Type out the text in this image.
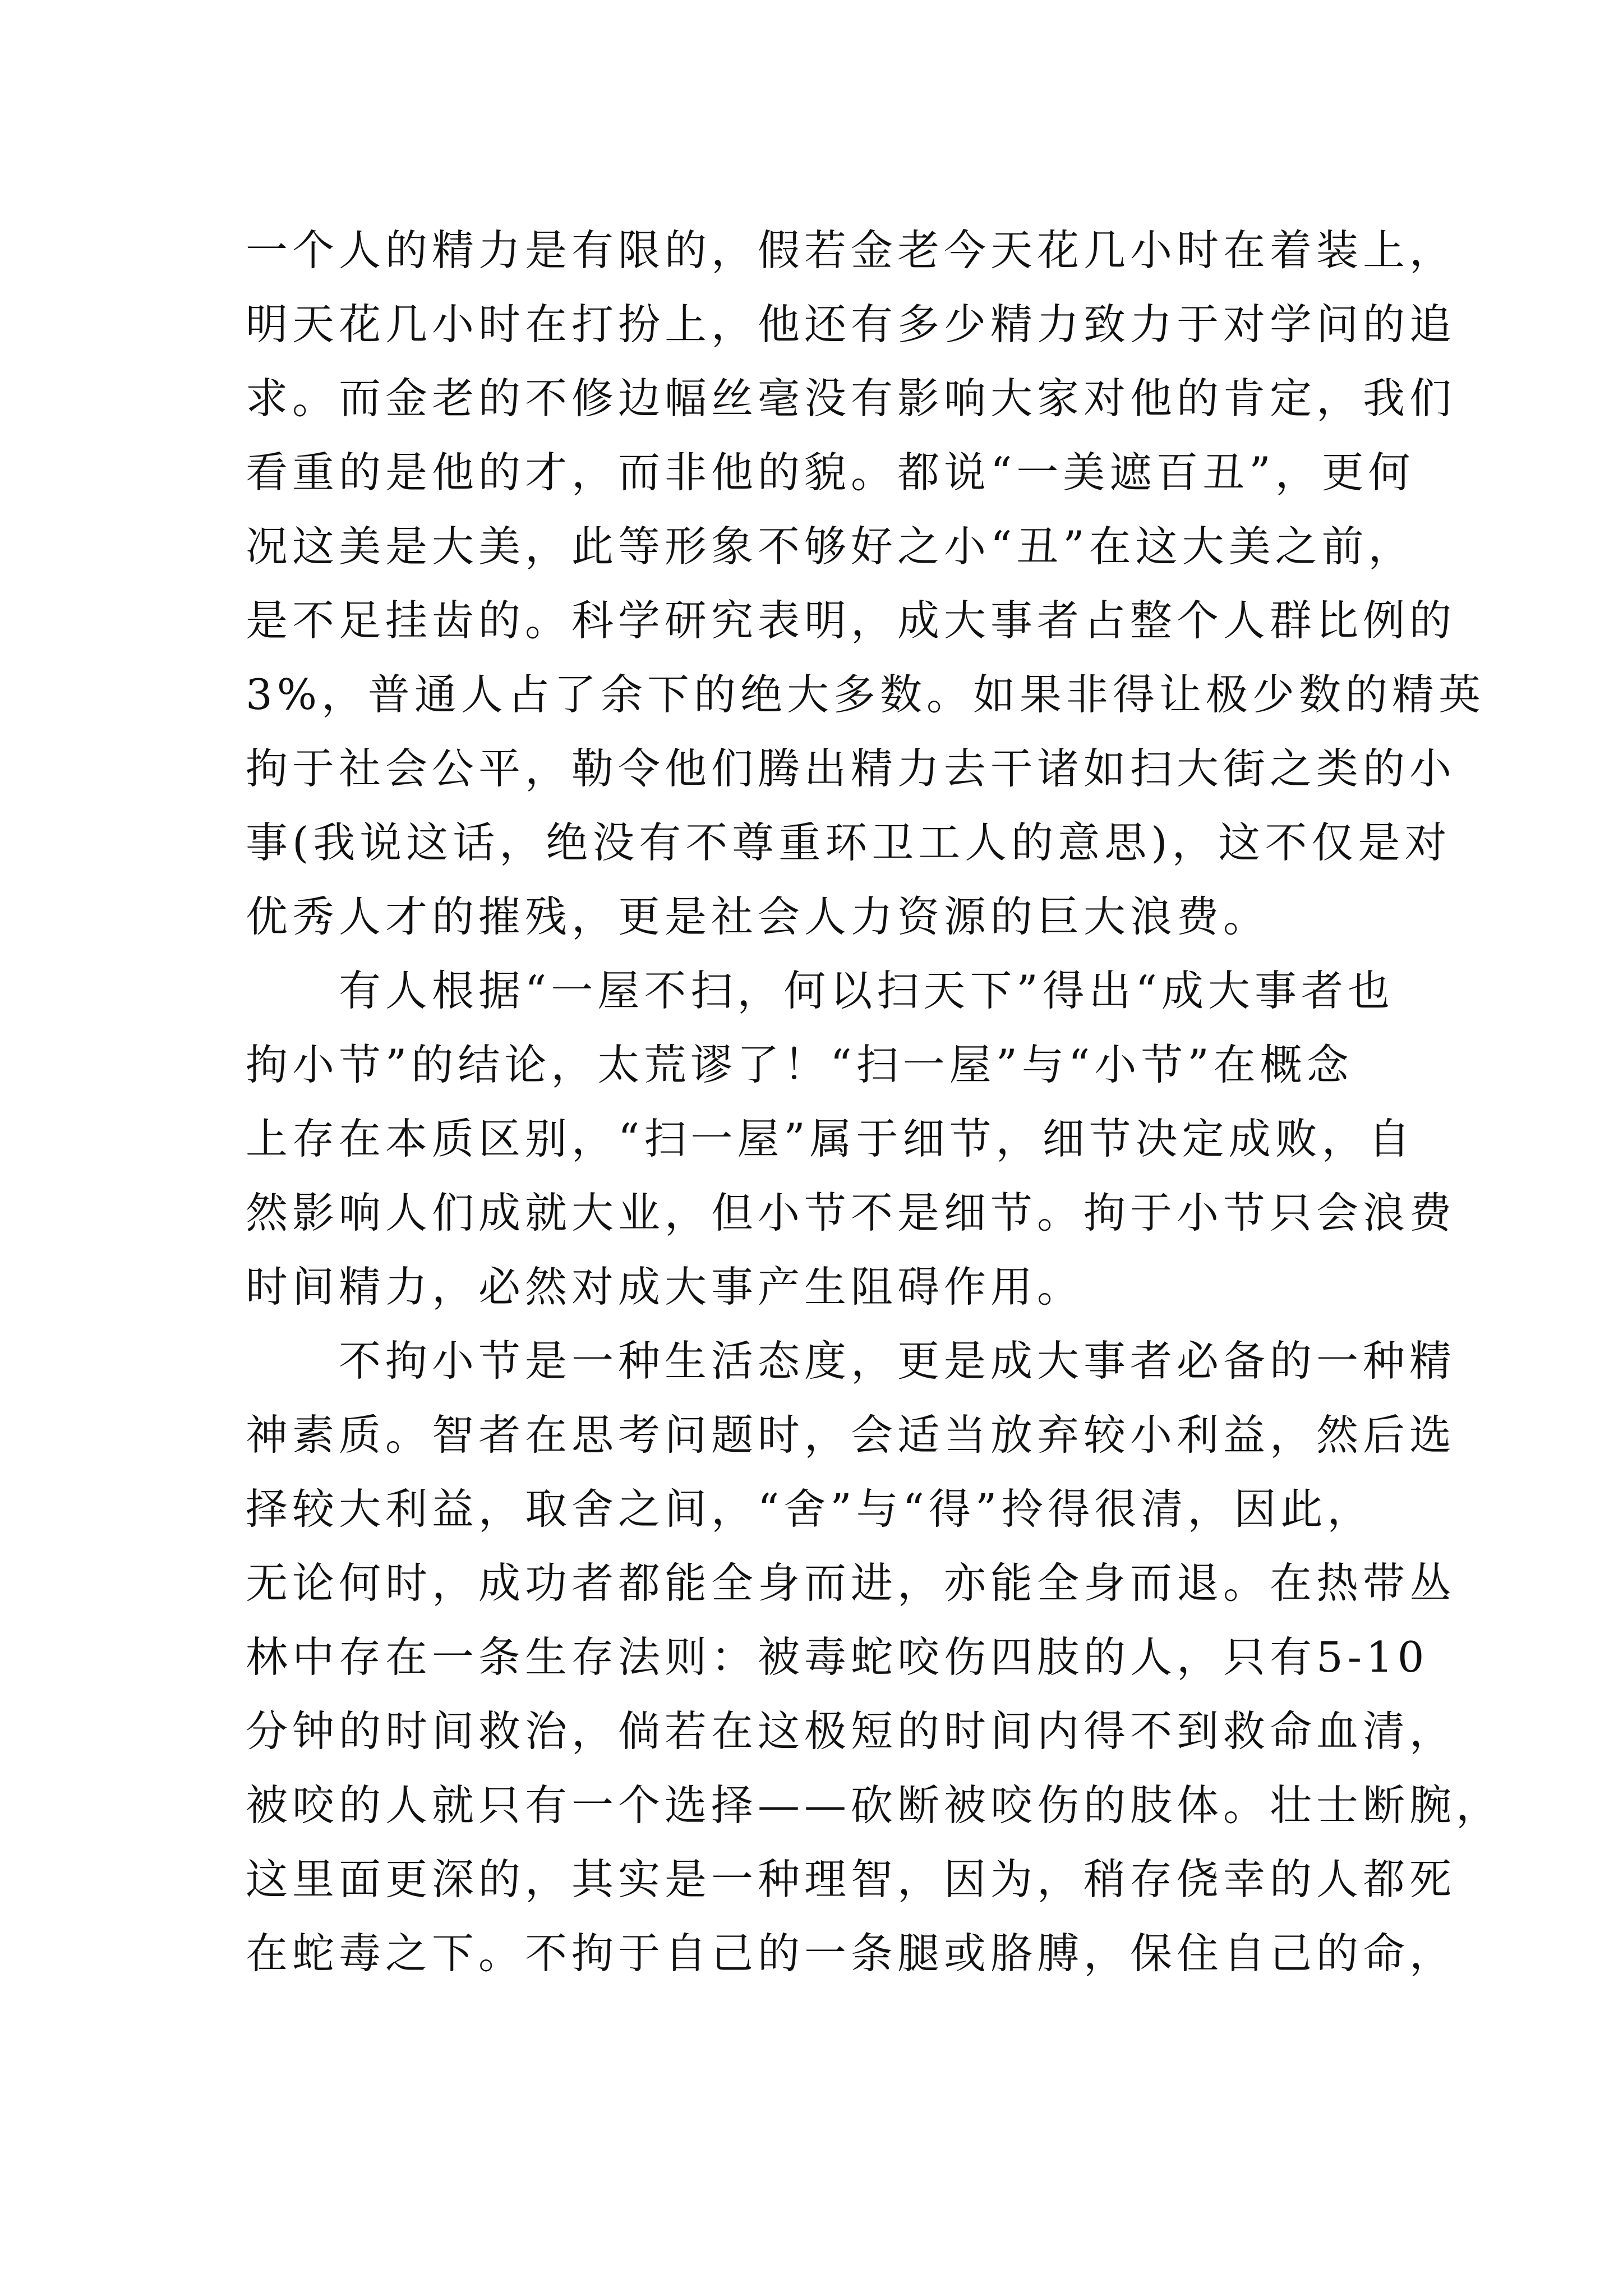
一个人的精力是有限的，假若金老今天花几小时在着装上，
明天花几小时在打扮上，他还有多少精力致力于对学问的追
求。而金老的不修边幅丝毫没有影响大家对他的肯定，我们
看重的是他的才，而非他的貌。都说“一美遮百丑”，更何
况这美是大美，此等形象不够好之小“丑”在这大美之前，
是不足挂齿的。科学研究表明，成大事者占整个人群比例的
3%，普通人占了余下的绝大多数。如果非得让极少数的精英
拘于社会公平，勒令他们腾出精力去干诸如扫大街之类的小
事(我说这话，绝没有不尊重环卫工人的意思)，这不仅是对
优秀人才的摧残，更是社会人力资源的巨大浪费。
有人根据“一屋不扫，何以扫天下”得出“成大事者也
拘小节”的结论，太荒谬了！“扫一屋”与“小节”在概念
上存在本质区别，“扫一屋”属于细节，细节决定成败，自
然影响人们成就大业，但小节不是细节。拘于小节只会浪费
时间精力，必然对成大事产生阻碍作用。
不拘小节是一种生活态度，更是成大事者必备的一种精
神素质。智者在思考问题时，会适当放弃较小利益，然后选
择较大利益，取舍之间，“舍”与“得”拎得很清，因此，
无论何时，成功者都能全身而进，亦能全身而退。在热带丛
林中存在一条生存法则：被毒蛇咬伤四肢的人，只有5-10
分钟的时间救治，倘若在这极短的时间内得不到救命血清，
被咬的人就只有一个选择——砍断被咬伤的肢体。壮士断腕，
这里面更深的，其实是一种理智，因为，稍存侥幸的人都死
在蛇毒之下。不拘于自己的一条腿或胳膊，保住自己的命，
